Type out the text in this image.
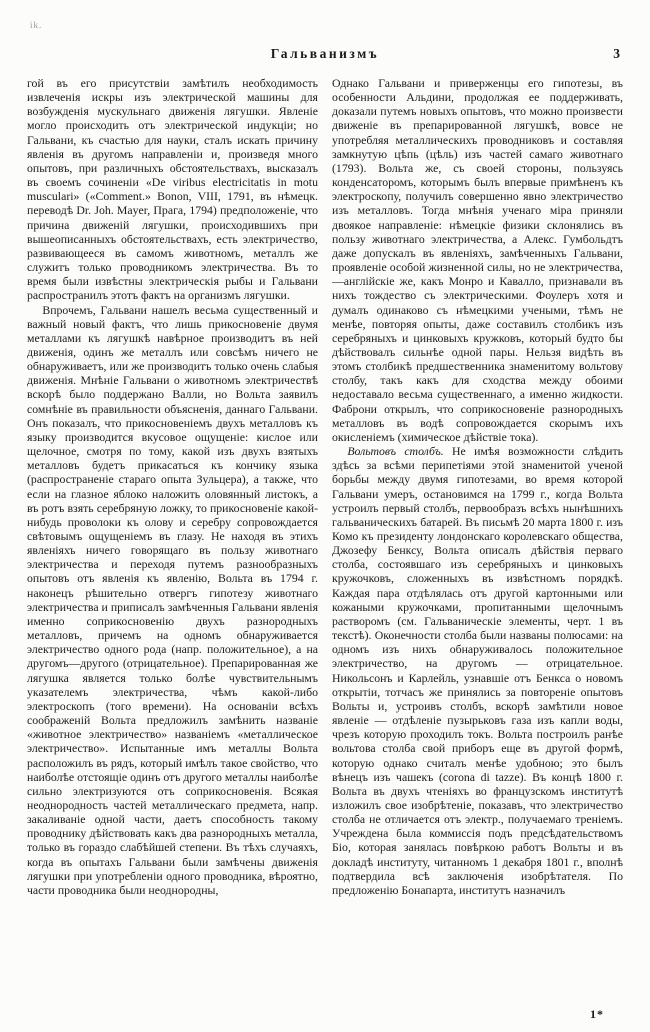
ik.
Гальванизмъ	3

гой въ его присутствіи замѣтилъ необходимость извлеченія искры изъ электрической машины для возбужденія мускульнаго движенія лягушки. Явленіе могло происходить отъ электрической индукціи; но Гальвани, къ счастью для науки, сталъ искать причину явленія въ другомъ направленіи и, произведя много опытовъ, при различныхъ обстоятельствахъ, высказалъ въ своемъ сочиненіи «De viribus electricitatis in motu musculari» («Comment.» Bonon, VIII, 1791, въ нѣмецк. переводѣ Dr. Joh. Mayer, Прага, 1794) предположеніе, что причина движеній лягушки, происходившихъ при вышеописанныхъ обстоятельствахъ, есть электричество, развивающееся въ самомъ животномъ, металлъ же служитъ только проводникомъ электричества. Въ то время были извѣстны электрическія рыбы и Гальвани распространилъ этотъ фактъ на организмъ лягушки.

Впрочемъ, Гальвани нашелъ весьма существенный и важный новый фактъ, что лишь прикосновеніе двумя металлами къ лягушкѣ навѣрное производитъ въ ней движенія, одинъ же металлъ или совсѣмъ ничего не обнаруживаетъ, или же производитъ только очень слабыя движенія. Мнѣніе Гальвани о животномъ электричествѣ вскорѣ было поддержано Валли, но Вольта заявилъ сомнѣніе въ правильности объясненія, даннаго Гальвани. Онъ показалъ, что прикосновеніемъ двухъ металловъ къ языку производится вкусовое ощущеніе: кислое или щелочное, смотря по тому, какой изъ двухъ взятыхъ металловъ будетъ прикасаться къ кончику языка (распространеніе стараго опыта Зульцера), а также, что если на глазное яблоко наложить оловянный листокъ, а въ ротъ взять серебряную ложку, то прикосновеніе какой-нибудь проволоки къ олову и серебру сопровождается свѣтовымъ ощущеніемъ въ глазу. Не находя въ этихъ явленіяхъ ничего говорящаго въ пользу животнаго электричества и переходя путемъ разнообразныхъ опытовъ отъ явленія къ явленію, Вольта въ 1794 г. наконецъ рѣшительно отвергъ гипотезу животнаго электричества и приписалъ замѣченныя Гальвани явленія именно соприкосновенію двухъ разнородныхъ металловъ, причемъ на одномъ обнаруживается электричество одного рода (напр. положительное), а на другомъ—другого (отрицательное). Препарированная же лягушка является только болѣе чувствительнымъ указателемъ электричества, чѣмъ какой-либо электроскопъ (того времени). На основаніи всѣхъ соображеній Вольта предложилъ замѣнить названіе «животное электричество» названіемъ «металлическое электричество». Испытанные имъ металлы Вольта расположилъ въ рядъ, который имѣлъ такое свойство, что наиболѣе отстоящіе одинъ отъ другого металлы наиболѣе сильно электризуются отъ соприкосновенія. Всякая неоднородность частей металлическаго предмета, напр. закаливаніе одной части, даетъ способность такому проводнику дѣйствовать какъ два разнородныхъ металла, только въ гораздо слабѣйшей степени. Въ тѣхъ случаяхъ, когда въ опытахъ Гальвани были замѣчены движенія лягушки при употребленіи одного проводника, вѣроятно, части проводника были неоднородны,

Однако Гальвани и приверженцы его гипотезы, въ особенности Альдини, продолжая ее поддерживать, доказали путемъ новыхъ опытовъ, что можно произвести движеніе въ препарированной лягушкѣ, вовсе не употребляя металлическихъ проводниковъ и составляя замкнутую цѣпь (цѣль) изъ частей самаго животнаго (1793). Вольта же, съ своей стороны, пользуясь конденсаторомъ, которымъ былъ впервые примѣненъ къ электроскопу, получилъ совершенно явно электричество изъ металловъ. Тогда мнѣнія ученаго міра приняли двоякое направленіе: нѣмецкіе физики склонялись въ пользу животнаго электричества, а Алекс. Гумбольдтъ даже допускалъ въ явленіяхъ, замѣченныхъ Гальвани, проявленіе особой жизненной силы, но не электричества,—англійскіе же, какъ Монро и Кавалло, признавали въ нихъ тождество съ электрическими. Фоулеръ хотя и думалъ одинаково съ нѣмецкими учеными, тѣмъ не менѣе, повторяя опыты, даже составилъ столбикъ изъ серебряныхъ и цинковыхъ кружковъ, который будто бы дѣйствовалъ сильнѣе одной пары. Нельзя видѣть въ этомъ столбикѣ предшественника знаменитому вольтову столбу, такъ какъ для сходства между обоими недоставало весьма существеннаго, а именно жидкости. Фаброни открылъ, что соприкосновеніе разнородныхъ металловъ въ водѣ сопровождается скорымъ ихъ окисленіемъ (химическое дѣйствіе тока).

Вольтовъ столбъ. Не имѣя возможности слѣдить здѣсь за всѣми перипетіями этой знаменитой ученой борьбы между двумя гипотезами, во время которой Гальвани умеръ, остановимся на 1799 г., когда Вольта устроилъ первый столбъ, первообразъ всѣхъ нынѣшнихъ гальваническихъ батарей. Въ письмѣ 20 марта 1800 г. изъ Комо къ президенту лондонскаго королевскаго общества, Джозефу Бенксу, Вольта описалъ дѣйствія перваго столба, состоявшаго изъ серебряныхъ и цинковыхъ кружочковъ, сложенныхъ въ извѣстномъ порядкѣ. Каждая пара отдѣлялась отъ другой картонными или кожаными кружочками, пропитанными щелочнымъ растворомъ (см. Гальваническіе элементы, черт. 1 въ текстѣ). Оконечности столба были названы полюсами: на одномъ изъ нихъ обнаруживалось положительное электричество, на другомъ — отрицательное. Никольсонъ и Карлейль, узнавшіе отъ Бенкса о новомъ открытіи, тотчасъ же принялись за повтореніе опытовъ Вольты и, устроивъ столбъ, вскорѣ замѣтили новое явленіе — отдѣленіе пузырьковъ газа изъ капли воды, чрезъ которую проходилъ токъ. Вольта построилъ ранѣе вольтова столба свой приборъ еще въ другой формѣ, которую однако считалъ менѣе удобною; это былъ вѣнецъ изъ чашекъ (corona di tazze). Въ концѣ 1800 г. Вольта въ двухъ чтеніяхъ во французскомъ институтѣ изложилъ свое изобрѣтеніе, показавъ, что электричество столба не отличается отъ электр., получаемаго треніемъ. Учреждена была коммиссія подъ предсѣдательствомъ Біо, которая занялась повѣркою работъ Вольты и въ докладѣ институту, читанномъ 1 декабря 1801 г., вполнѣ подтвердила всѣ заключенія изобрѣтателя. По предложенію Бонапарта, институтъ назначилъ

1*
